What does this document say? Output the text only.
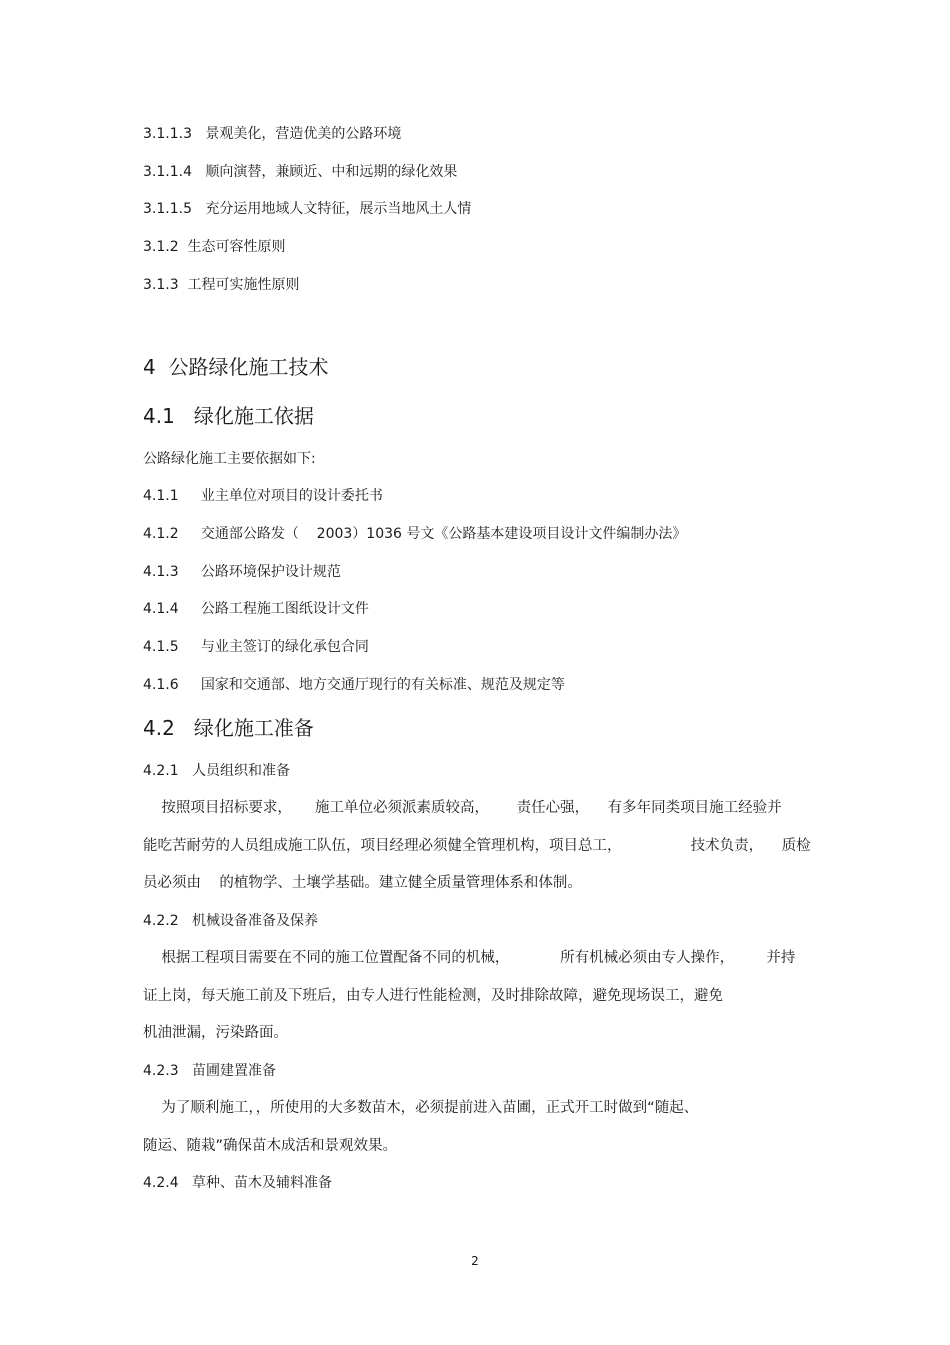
3.1.1.3   景观美化，营造优美的公路环境
3.1.1.4   顺向演替，兼顾近、中和远期的绿化效果
3.1.1.5   充分运用地域人文特征，展示当地风土人情
3.1.2  生态可容性原则
3.1.3  工程可实施性原则
4  公路绿化施工技术
4.1   绿化施工依据
公路绿化施工主要依据如下:
4.1.1     业主单位对项目的设计委托书
4.1.2     交通部公路发（    2003）1036 号文《公路基本建设项目设计文件编制办法》
4.1.3     公路环境保护设计规范
4.1.4     公路工程施工图纸设计文件
4.1.5     与业主签订的绿化承包合同
4.1.6     国家和交通部、地方交通厅现行的有关标准、规范及规定等
4.2   绿化施工准备
4.2.1   人员组织和准备
按照项目招标要求，     施工单位必须派素质较高，      责任心强，    有多年同类项目施工经验并
能吃苦耐劳的人员组成施工队伍，项目经理必须健全管理机构，项目总工，               技术负责，    质检
员必须由    的植物学、土壤学基础。建立健全质量管理体系和体制。
4.2.2   机械设备准备及保养
根据工程项目需要在不同的施工位置配备不同的机械，           所有机械必须由专人操作，       并持
证上岗，每天施工前及下班后，由专人进行性能检测，及时排除故障，避免现场误工，避免
机油泄漏，污染路面。
4.2.3   苗圃建置准备
为了顺利施工，，所使用的大多数苗木，必须提前进入苗圃，正式开工时做到“随起、
随运、随栽”确保苗木成活和景观效果。
4.2.4   草种、苗木及辅料准备
2
